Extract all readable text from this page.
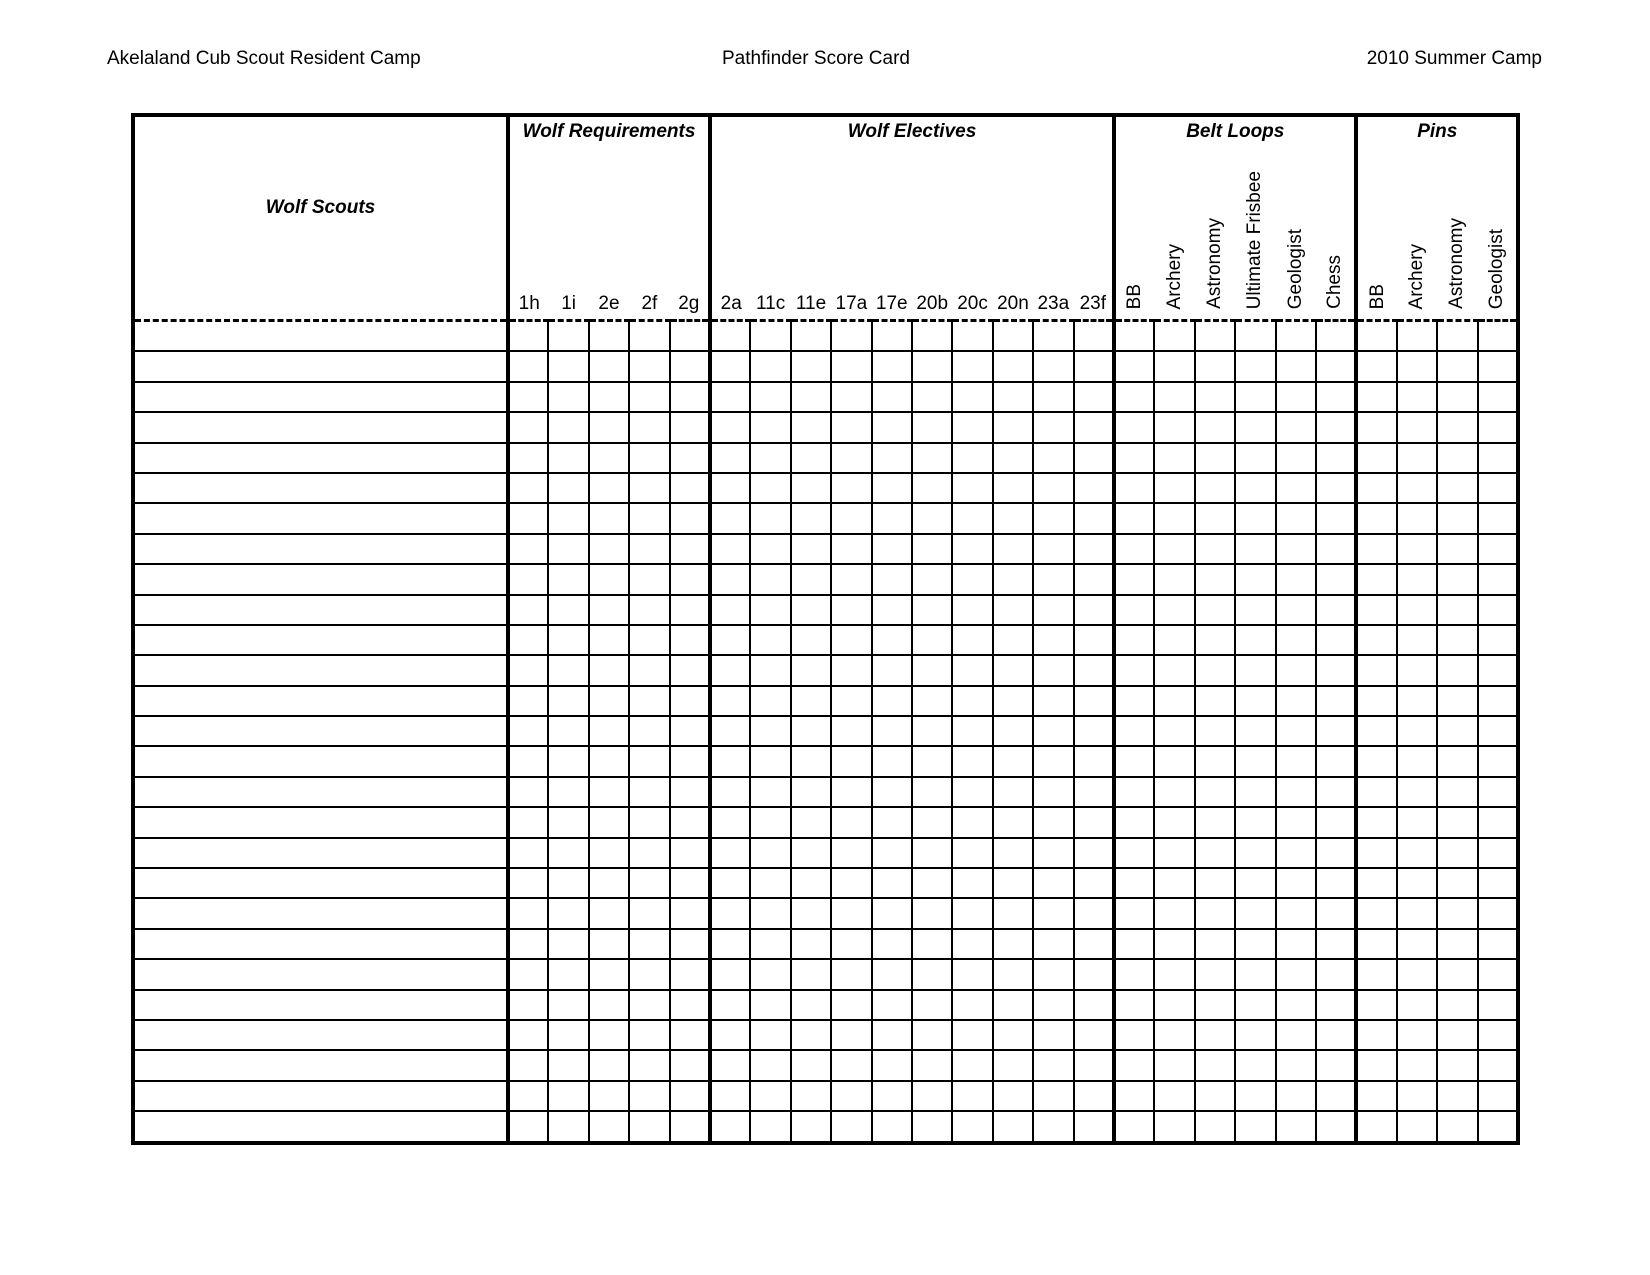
Akelaland Cub Scout Resident Camp	Pathfinder Score Card	2010 Summer Camp
Wolf Scouts	Wolf Requirements					Wolf Electives										Belt Loops						Pins			
	1h	1i	2e	2f	2g	2a	11c	11e	17a	17e	20b	20c	20n	23a	23f	BB	Archery	Astronomy	Ultimate Frisbee	Geologist	Chess	BB	Archery	Astronomy	Geologist
